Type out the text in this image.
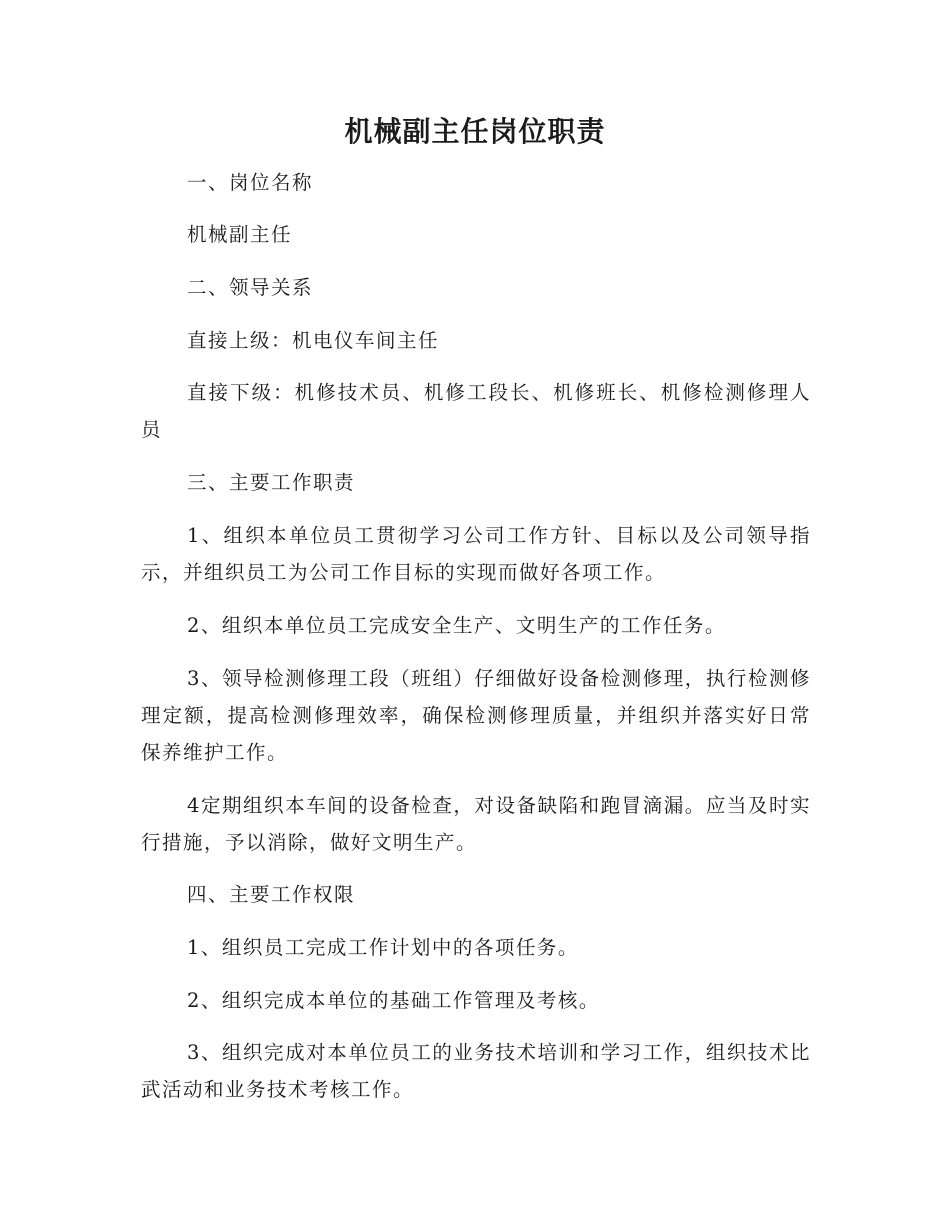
机械副主任岗位职责

一、岗位名称

机械副主任

二、领导关系

直接上级：机电仪车间主任

直接下级：机修技术员、机修工段长、机修班长、机修检测修理人员

三、主要工作职责

1、组织本单位员工贯彻学习公司工作方针、目标以及公司领导指示，并组织员工为公司工作目标的实现而做好各项工作。

2、组织本单位员工完成安全生产、文明生产的工作任务。

3、领导检测修理工段（班组）仔细做好设备检测修理，执行检测修理定额，提高检测修理效率，确保检测修理质量，并组织并落实好日常保养维护工作。

4定期组织本车间的设备检查，对设备缺陷和跑冒滴漏。应当及时实行措施，予以消除，做好文明生产。

四、主要工作权限

1、组织员工完成工作计划中的各项任务。

2、组织完成本单位的基础工作管理及考核。

3、组织完成对本单位员工的业务技术培训和学习工作，组织技术比武活动和业务技术考核工作。
